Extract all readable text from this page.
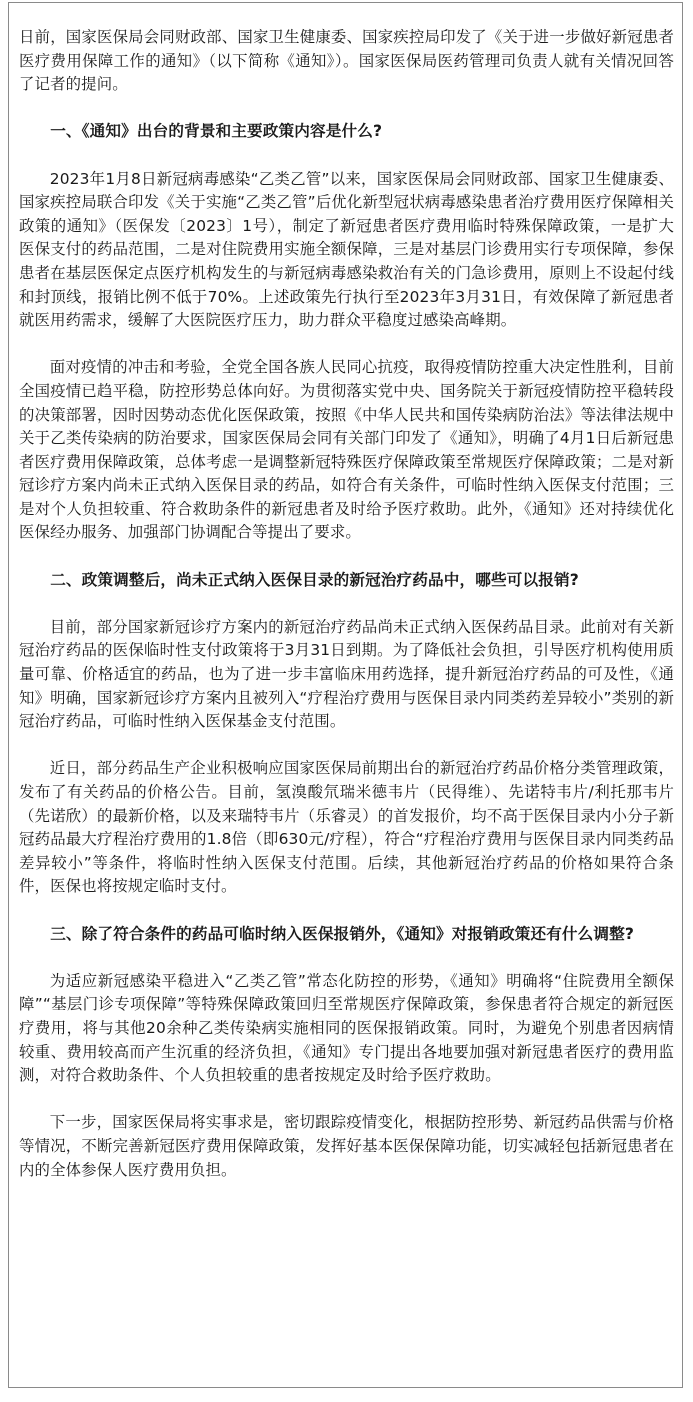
日前，国家医保局会同财政部、国家卫生健康委、国家疾控局印发了《关于进一步做好新冠患者医疗费用保障工作的通知》（以下简称《通知》）。国家医保局医药管理司负责人就有关情况回答了记者的提问。

一、《通知》出台的背景和主要政策内容是什么?

2023年1月8日新冠病毒感染“乙类乙管”以来，国家医保局会同财政部、国家卫生健康委、国家疾控局联合印发《关于实施“乙类乙管”后优化新型冠状病毒感染患者治疗费用医疗保障相关政策的通知》（医保发〔2023〕1号），制定了新冠患者医疗费用临时特殊保障政策，一是扩大医保支付的药品范围，二是对住院费用实施全额保障，三是对基层门诊费用实行专项保障，参保患者在基层医保定点医疗机构发生的与新冠病毒感染救治有关的门急诊费用，原则上不设起付线和封顶线，报销比例不低于70%。上述政策先行执行至2023年3月31日，有效保障了新冠患者就医用药需求，缓解了大医院医疗压力，助力群众平稳度过感染高峰期。

面对疫情的冲击和考验，全党全国各族人民同心抗疫，取得疫情防控重大决定性胜利，目前全国疫情已趋平稳，防控形势总体向好。为贯彻落实党中央、国务院关于新冠疫情防控平稳转段的决策部署，因时因势动态优化医保政策，按照《中华人民共和国传染病防治法》等法律法规中关于乙类传染病的防治要求，国家医保局会同有关部门印发了《通知》，明确了4月1日后新冠患者医疗费用保障政策，总体考虑一是调整新冠特殊医疗保障政策至常规医疗保障政策；二是对新冠诊疗方案内尚未正式纳入医保目录的药品，如符合有关条件，可临时性纳入医保支付范围；三是对个人负担较重、符合救助条件的新冠患者及时给予医疗救助。此外，《通知》还对持续优化医保经办服务、加强部门协调配合等提出了要求。

二、政策调整后，尚未正式纳入医保目录的新冠治疗药品中，哪些可以报销?

目前，部分国家新冠诊疗方案内的新冠治疗药品尚未正式纳入医保药品目录。此前对有关新冠治疗药品的医保临时性支付政策将于3月31日到期。为了降低社会负担，引导医疗机构使用质量可靠、价格适宜的药品，也为了进一步丰富临床用药选择，提升新冠治疗药品的可及性，《通知》明确，国家新冠诊疗方案内且被列入“疗程治疗费用与医保目录内同类药差异较小”类别的新冠治疗药品，可临时性纳入医保基金支付范围。

近日，部分药品生产企业积极响应国家医保局前期出台的新冠治疗药品价格分类管理政策，发布了有关药品的价格公告。目前，氢溴酸氘瑞米德韦片（民得维）、先诺特韦片/利托那韦片（先诺欣）的最新价格，以及来瑞特韦片（乐睿灵）的首发报价，均不高于医保目录内小分子新冠药品最大疗程治疗费用的1.8倍（即630元/疗程），符合“疗程治疗费用与医保目录内同类药品差异较小”等条件，将临时性纳入医保支付范围。后续，其他新冠治疗药品的价格如果符合条件，医保也将按规定临时支付。

三、除了符合条件的药品可临时纳入医保报销外，《通知》对报销政策还有什么调整?

为适应新冠感染平稳进入“乙类乙管”常态化防控的形势，《通知》明确将“住院费用全额保障”“基层门诊专项保障”等特殊保障政策回归至常规医疗保障政策，参保患者符合规定的新冠医疗费用，将与其他20余种乙类传染病实施相同的医保报销政策。同时，为避免个别患者因病情较重、费用较高而产生沉重的经济负担，《通知》专门提出各地要加强对新冠患者医疗的费用监测，对符合救助条件、个人负担较重的患者按规定及时给予医疗救助。

下一步，国家医保局将实事求是，密切跟踪疫情变化，根据防控形势、新冠药品供需与价格等情况，不断完善新冠医疗费用保障政策，发挥好基本医保保障功能，切实减轻包括新冠患者在内的全体参保人医疗费用负担。
